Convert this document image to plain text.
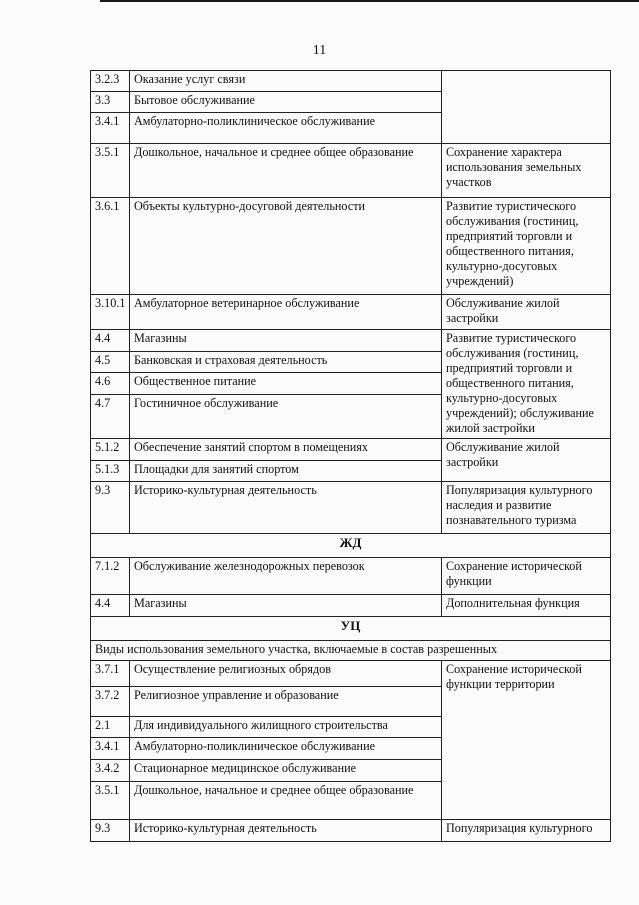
11
3.2.3	Оказание услуг связи	
3.3	Бытовое обслуживание	
3.4.1	Амбулаторно-поликлиническое обслуживание	
3.5.1	Дошкольное, начальное и среднее общее образование	Сохранение характера использования земельных участков
3.6.1	Объекты культурно-досуговой деятельности	Развитие туристического обслуживания (гостиниц, предприятий торговли и общественного питания, культурно-досуговых учреждений)
3.10.1	Амбулаторное ветеринарное обслуживание	Обслуживание жилой застройки
4.4	Магазины	Развитие туристического обслуживания (гостиниц, предприятий торговли и общественного питания, культурно-досуговых учреждений); обслуживание жилой застройки
4.5	Банковская и страховая деятельность	
4.6	Общественное питание	
4.7	Гостиничное обслуживание	
5.1.2	Обеспечение занятий спортом в помещениях	Обслуживание жилой застройки
5.1.3	Площадки для занятий спортом	
9.3	Историко-культурная деятельность	Популяризация культурного наследия и развитие познавательного туризма
ЖД		
7.1.2	Обслуживание железнодорожных перевозок	Сохранение исторической функции
4.4	Магазины	Дополнительная функция
УЦ		
Виды использования земельного участка, включаемые в состав разрешенных		
3.7.1	Осуществление религиозных обрядов	Сохранение исторической функции территории
3.7.2	Религиозное управление и образование	
2.1	Для индивидуального жилищного строительства	
3.4.1	Амбулаторно-поликлиническое обслуживание	
3.4.2	Стационарное медицинское обслуживание	
3.5.1	Дошкольное, начальное и среднее общее образование	
9.3	Историко-культурная деятельность	Популяризация культурного
